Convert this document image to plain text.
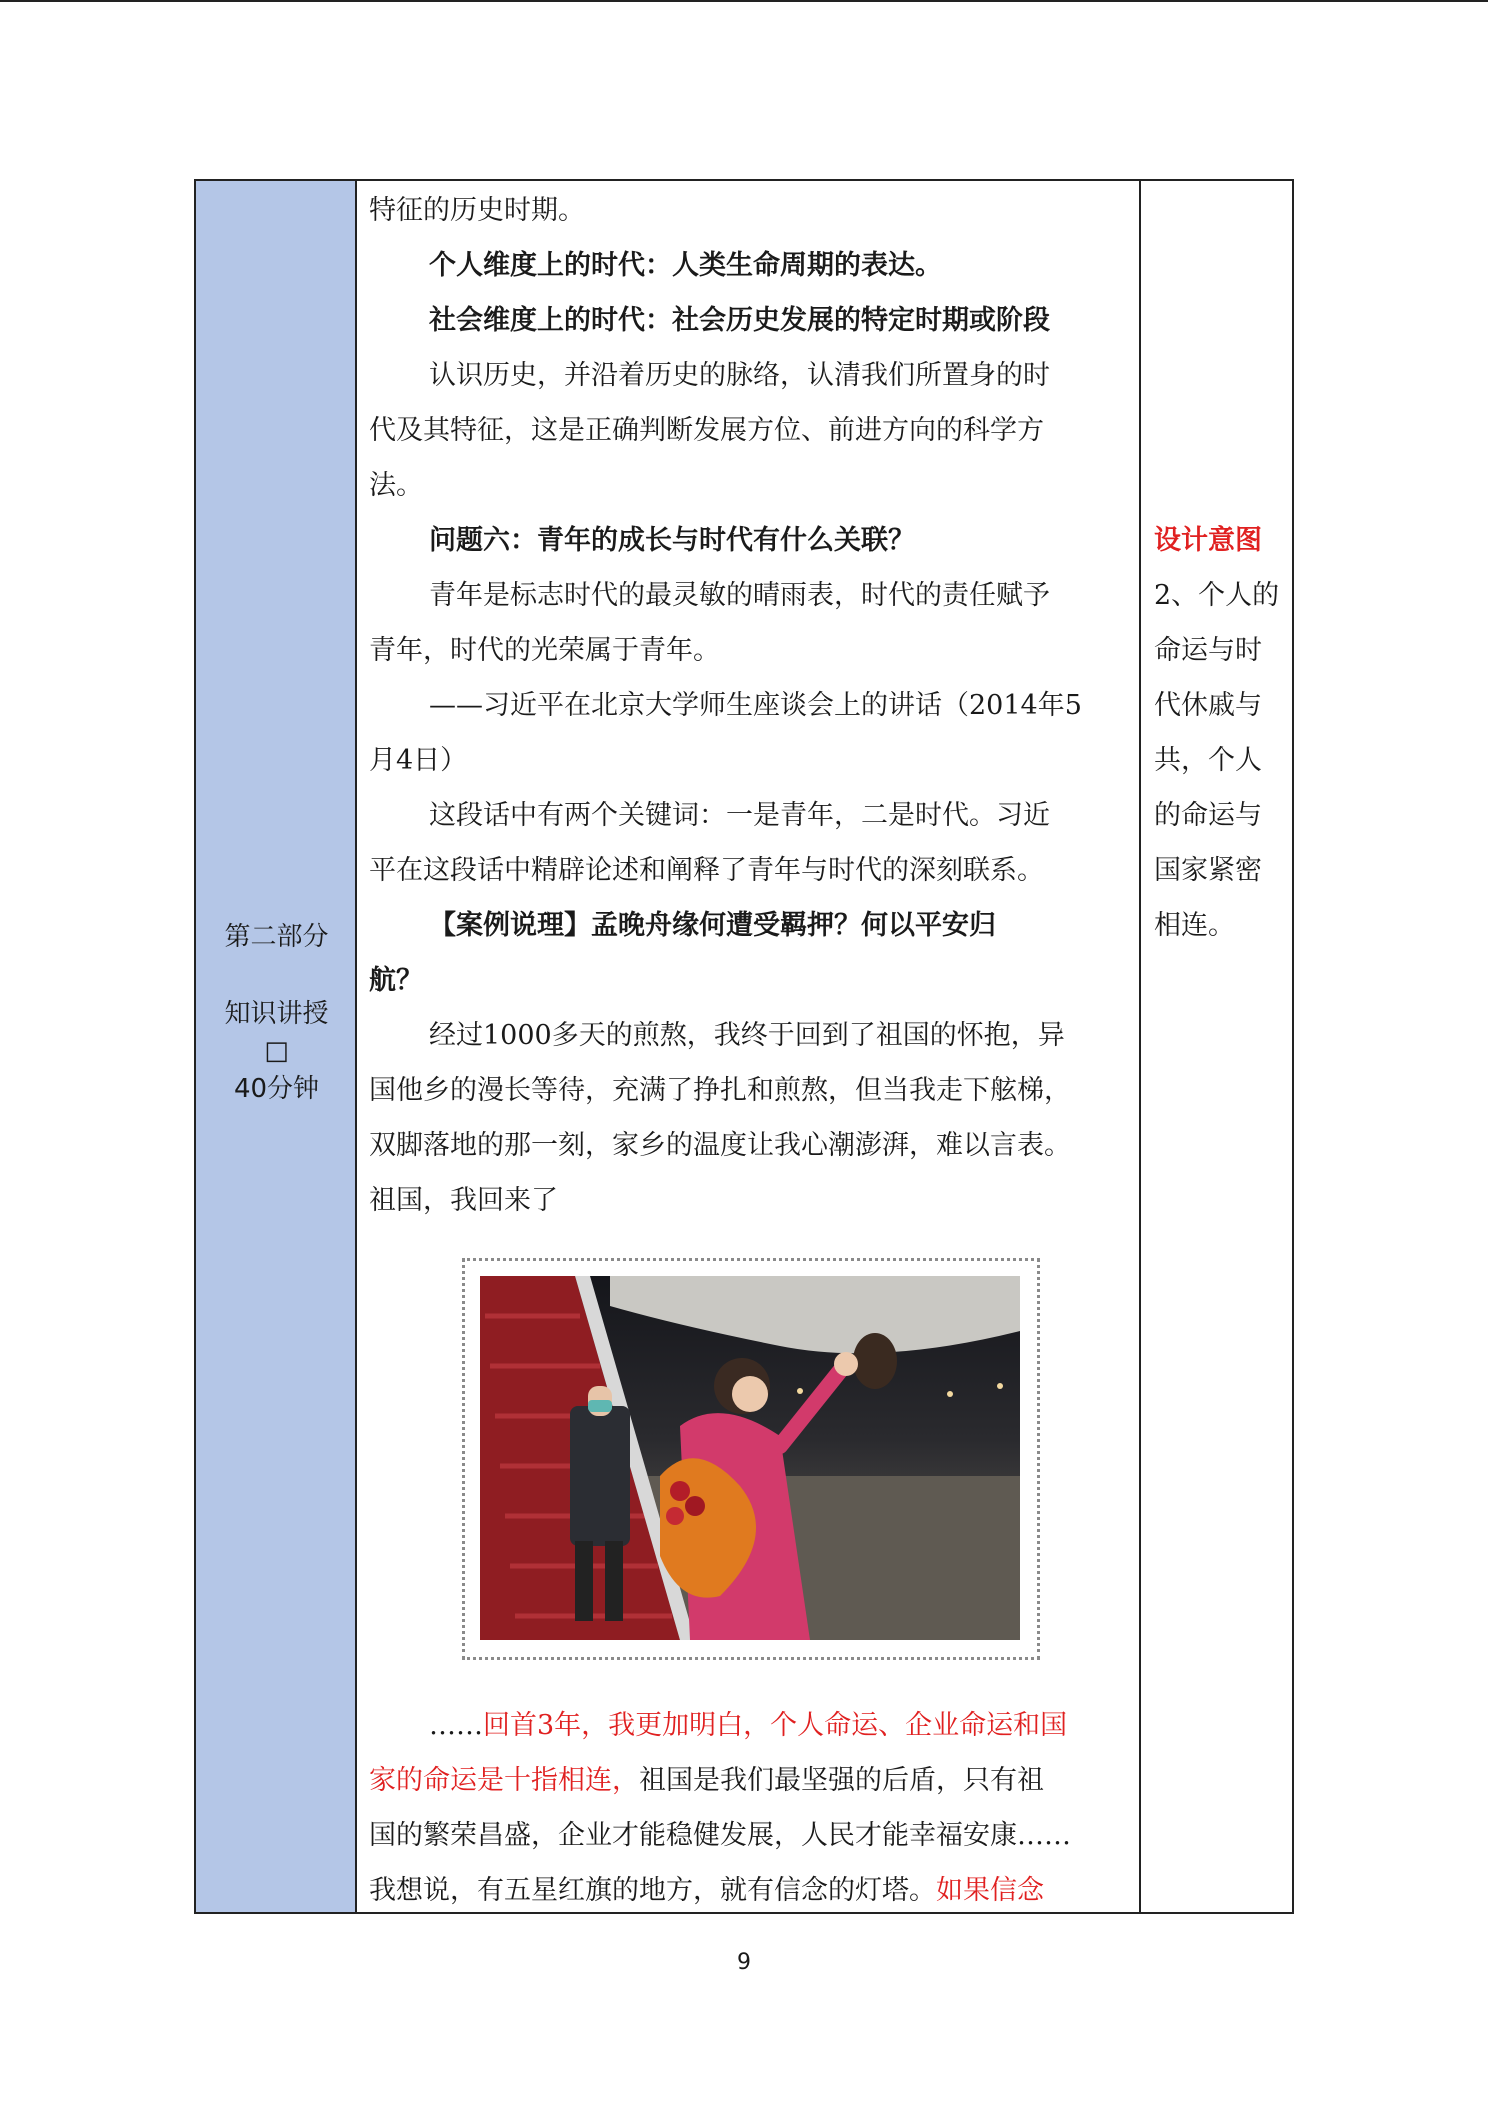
第二部分
知识讲授
□
40分钟
特征的历史时期。
个人维度上的时代：人类生命周期的表达。
社会维度上的时代：社会历史发展的特定时期或阶段
认识历史，并沿着历史的脉络，认清我们所置身的时
代及其特征，这是正确判断发展方位、前进方向的科学方
法。
问题六：青年的成长与时代有什么关联？
青年是标志时代的最灵敏的晴雨表，时代的责任赋予
青年，时代的光荣属于青年。
——习近平在北京大学师生座谈会上的讲话（2014年5
月4日）
这段话中有两个关键词：一是青年，二是时代。习近
平在这段话中精辟论述和阐释了青年与时代的深刻联系。
【案例说理】孟晚舟缘何遭受羁押？何以平安归
航？
经过1000多天的煎熬，我终于回到了祖国的怀抱，异
国他乡的漫长等待，充满了挣扎和煎熬，但当我走下舷梯，
双脚落地的那一刻，家乡的温度让我心潮澎湃，难以言表。
祖国，我回来了
……回首3年，我更加明白，个人命运、企业命运和国
家的命运是十指相连，祖国是我们最坚强的后盾，只有祖
国的繁荣昌盛，企业才能稳健发展，人民才能幸福安康……
我想说，有五星红旗的地方，就有信念的灯塔。如果信念
设计意图
2、个人的
命运与时
代休戚与
共，个人
的命运与
国家紧密
相连。
9
